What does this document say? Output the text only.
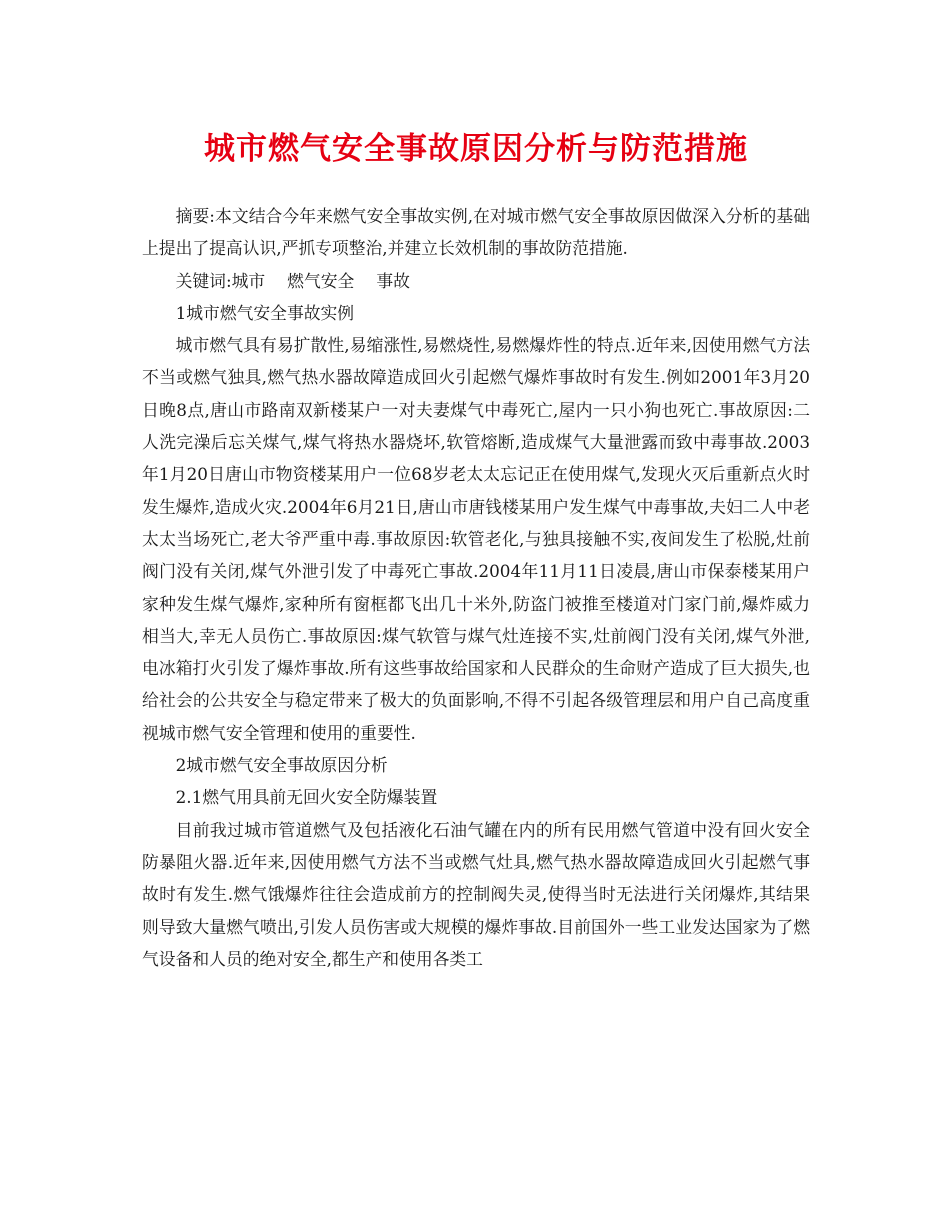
城市燃气安全事故原因分析与防范措施

摘要:本文结合今年来燃气安全事故实例,在对城市燃气安全事故原因做深入分析的基础上提出了提高认识,严抓专项整治,并建立长效机制的事故防范措施.

关键词:城市 燃气安全 事故

1城市燃气安全事故实例

城市燃气具有易扩散性,易缩涨性,易燃烧性,易燃爆炸性的特点.近年来,因使用燃气方法不当或燃气独具,燃气热水器故障造成回火引起燃气爆炸事故时有发生.例如2001年3月20日晚8点,唐山市路南双新楼某户一对夫妻煤气中毒死亡,屋内一只小狗也死亡.事故原因:二人洗完澡后忘关煤气,煤气将热水器烧坏,软管熔断,造成煤气大量泄露而致中毒事故.2003年1月20日唐山市物资楼某用户一位68岁老太太忘记正在使用煤气,发现火灭后重新点火时发生爆炸,造成火灾.2004年6月21日,唐山市唐钱楼某用户发生煤气中毒事故,夫妇二人中老太太当场死亡,老大爷严重中毒.事故原因:软管老化,与独具接触不实,夜间发生了松脱,灶前阀门没有关闭,煤气外泄引发了中毒死亡事故.2004年11月11日凌晨,唐山市保泰楼某用户家种发生煤气爆炸,家种所有窗框都飞出几十米外,防盗门被推至楼道对门家门前,爆炸威力相当大,幸无人员伤亡.事故原因:煤气软管与煤气灶连接不实,灶前阀门没有关闭,煤气外泄,电冰箱打火引发了爆炸事故.所有这些事故给国家和人民群众的生命财产造成了巨大损失,也给社会的公共安全与稳定带来了极大的负面影响,不得不引起各级管理层和用户自己高度重视城市燃气安全管理和使用的重要性.

2城市燃气安全事故原因分析

2.1燃气用具前无回火安全防爆装置

目前我过城市管道燃气及包括液化石油气罐在内的所有民用燃气管道中没有回火安全防暴阻火器.近年来,因使用燃气方法不当或燃气灶具,燃气热水器故障造成回火引起燃气事故时有发生.燃气饿爆炸往往会造成前方的控制阀失灵,使得当时无法进行关闭爆炸,其结果则导致大量燃气喷出,引发人员伤害或大规模的爆炸事故.目前国外一些工业发达国家为了燃气设备和人员的绝对安全,都生产和使用各类工
